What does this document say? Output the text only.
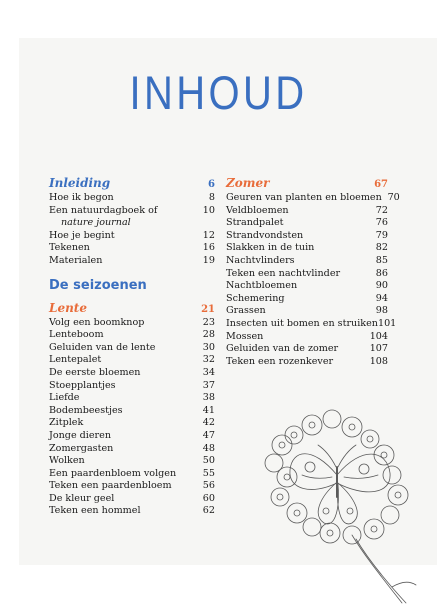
INHOUD
Inleiding	6
Hoe ik begon	8
Een natuurdagboek of	10
nature journal
Hoe je begint	12
Tekenen	16
Materialen	19
De seizoenen
Lente	21
Volg een boomknop	23
Lenteboom	28
Geluiden van de lente	30
Lentepalet	32
De eerste bloemen	34
Stoepplantjes	37
Liefde	38
Bodembeestjes	41
Zitplek	42
Jonge dieren	47
Zomergasten	48
Wolken	50
Een paardenbloem volgen	55
Teken een paardenbloem	56
De kleur geel	60
Teken een hommel	62
Zomer	67
Geuren van planten en bloemen 70
Veldbloemen	72
Strandpalet	76
Strandvondsten	79
Slakken in de tuin	82
Nachtvlinders	85
Teken een nachtvlinder	86
Nachtbloemen	90
Schemering	94
Grassen	98
Insecten uit bomen en struiken 101
Mossen	104
Geluiden van de zomer	107
Teken een rozenkever	108
